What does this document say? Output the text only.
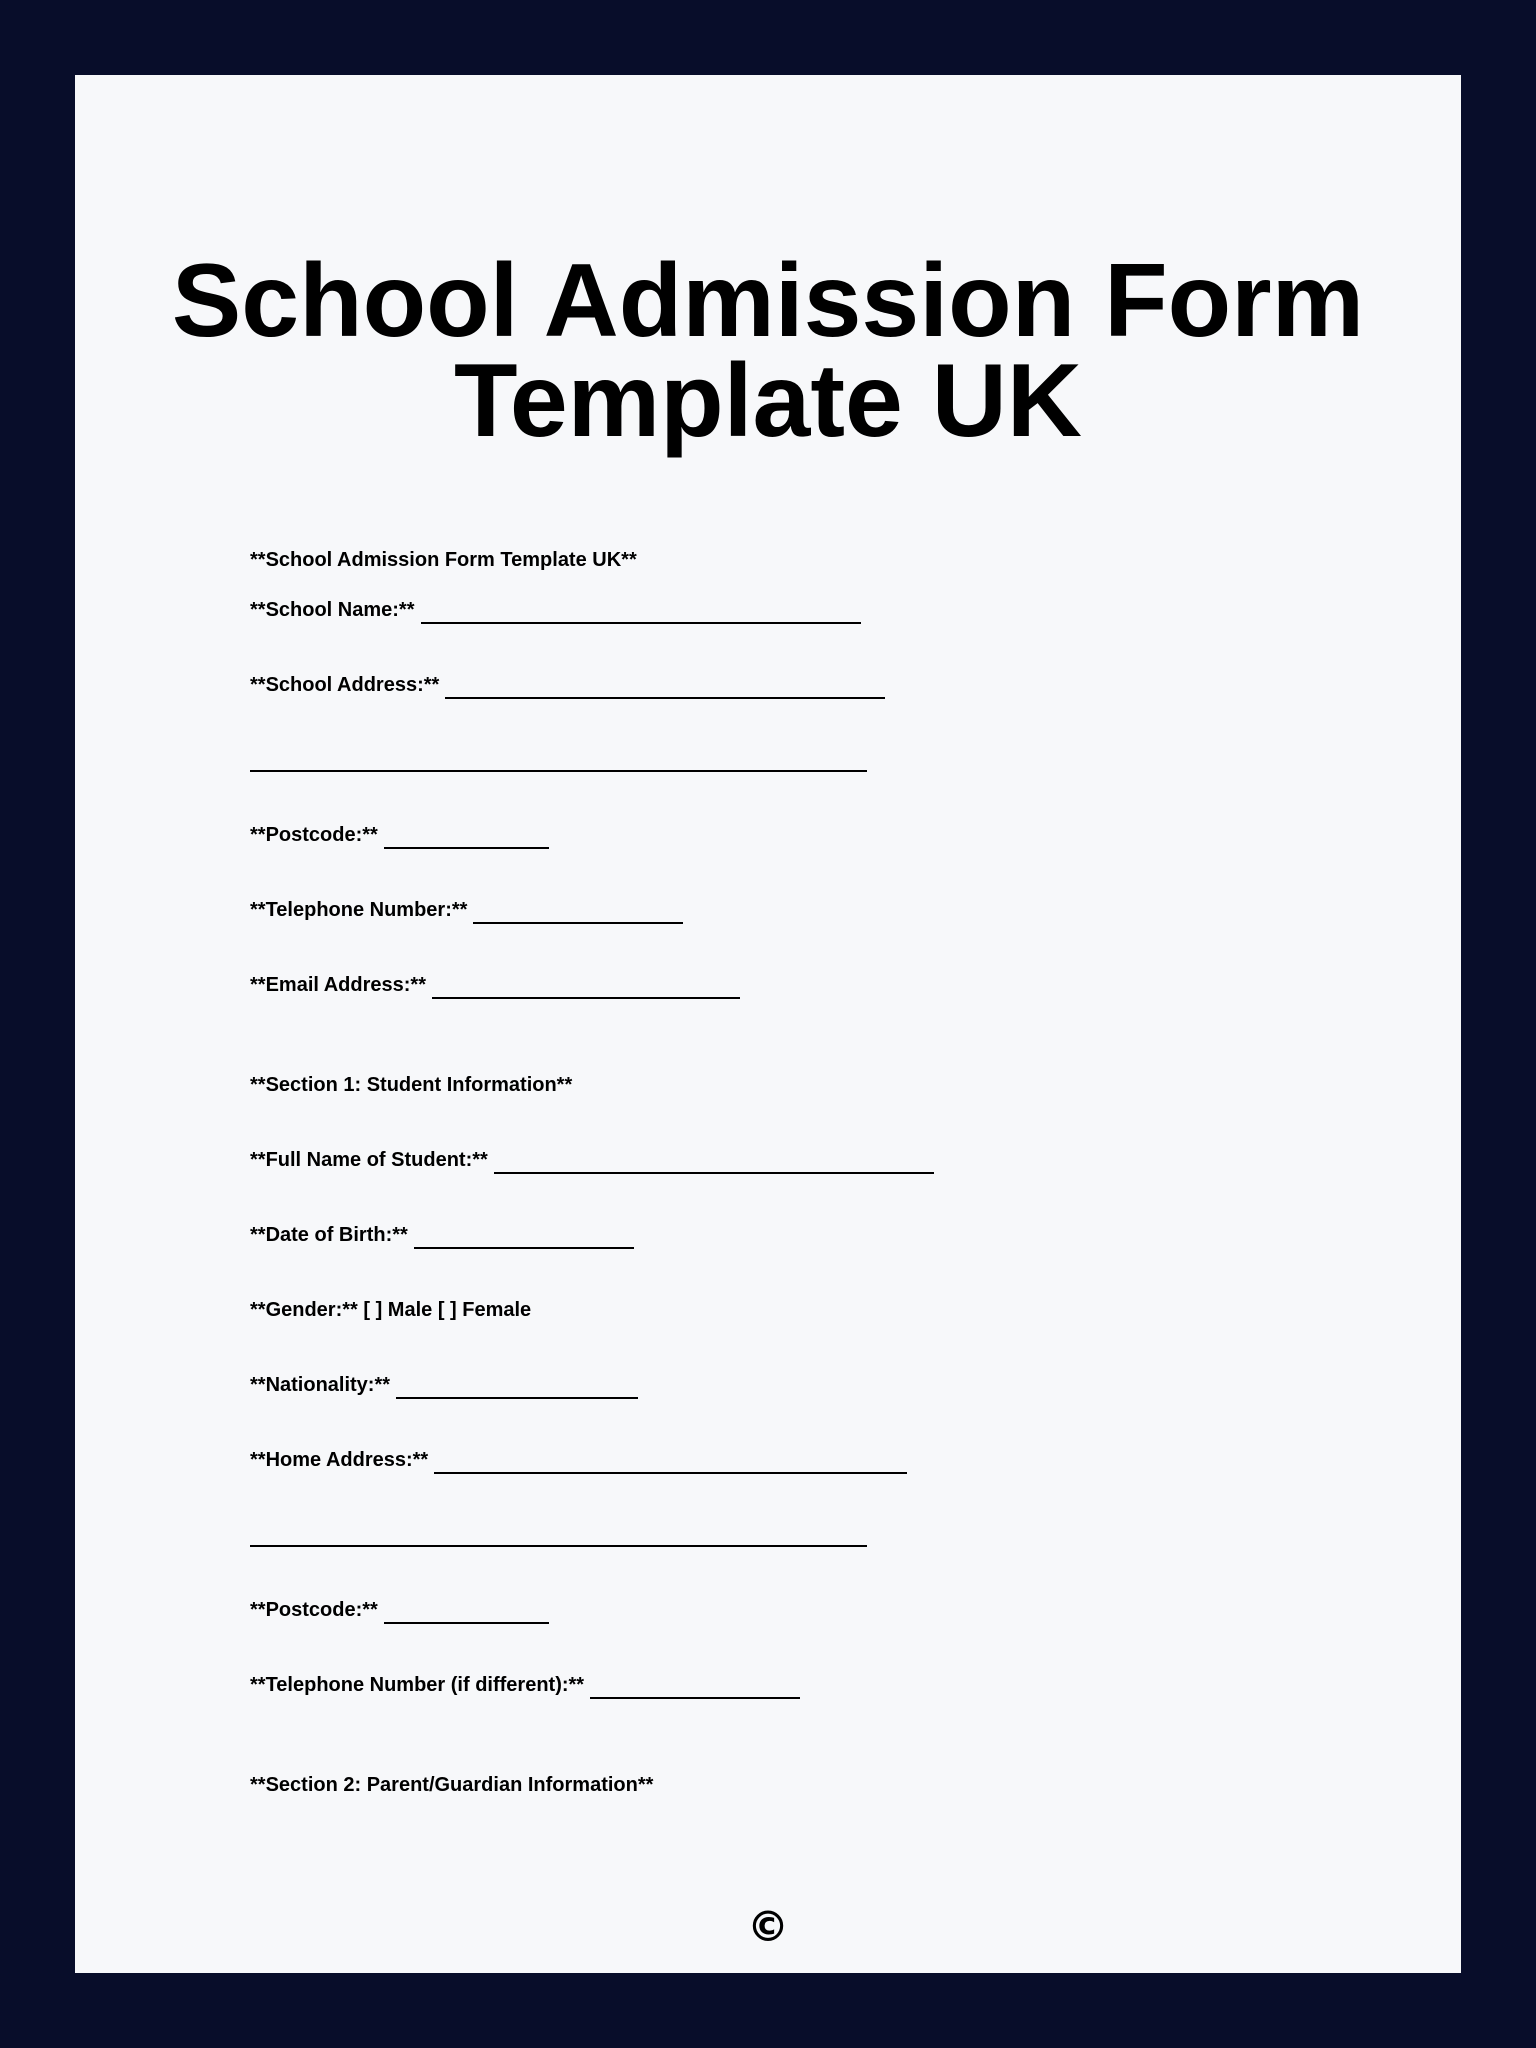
School Admission Form
Template UK
**School Admission Form Template UK**
**School Name:**
**School Address:**
**Postcode:**
**Telephone Number:**
**Email Address:**
**Section 1: Student Information**
**Full Name of Student:**
**Date of Birth:**
**Gender:** [ ] Male [ ] Female
**Nationality:**
**Home Address:**
**Postcode:**
**Telephone Number (if different):**
**Section 2: Parent/Guardian Information**
©
